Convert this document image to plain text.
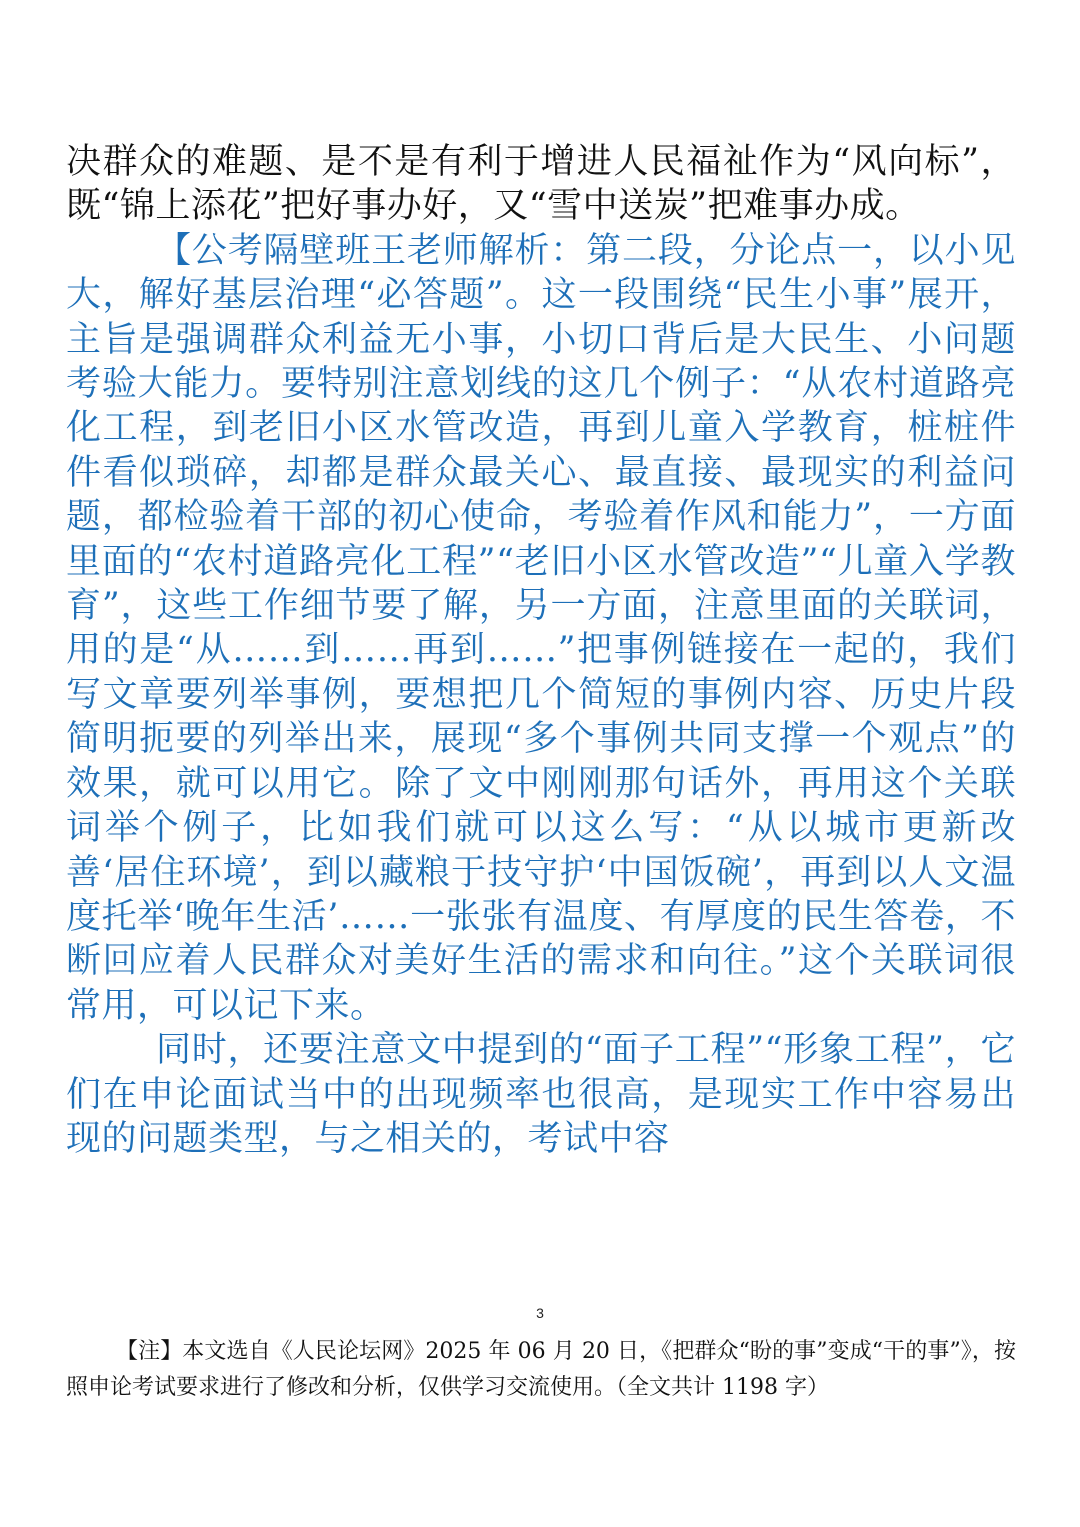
决群众的难题、是不是有利于增进人民福祉作为“风向标”，既“锦上添花”把好事办好，又“雪中送炭”把难事办成。

【公考隔壁班王老师解析：第二段，分论点一，以小见大，解好基层治理“必答题”。这一段围绕“民生小事”展开，主旨是强调群众利益无小事，小切口背后是大民生、小问题考验大能力。要特别注意划线的这几个例子：“从农村道路亮化工程，到老旧小区水管改造，再到儿童入学教育，桩桩件件看似琐碎，却都是群众最关心、最直接、最现实的利益问题，都检验着干部的初心使命，考验着作风和能力”，一方面里面的“农村道路亮化工程”“老旧小区水管改造”“儿童入学教育”，这些工作细节要了解，另一方面，注意里面的关联词，用的是“从……到……再到……”把事例链接在一起的，我们写文章要列举事例，要想把几个简短的事例内容、历史片段简明扼要的列举出来，展现“多个事例共同支撑一个观点”的效果，就可以用它。除了文中刚刚那句话外，再用这个关联词举个例子，比如我们就可以这么写：“从以城市更新改善‘居住环境’，到以藏粮于技守护‘中国饭碗’，再到以人文温度托举‘晚年生活’……一张张有温度、有厚度的民生答卷，不断回应着人民群众对美好生活的需求和向往。”这个关联词很常用，可以记下来。

同时，还要注意文中提到的“面子工程”“形象工程”，它们在申论面试当中的出现频率也很高，是现实工作中容易出现的问题类型，与之相关的，考试中容

3
【注】本文选自《人民论坛网》2025 年 06 月 20 日，《把群众“盼的事”变成“干的事”》，按照申论考试要求进行了修改和分析，仅供学习交流使用。（全文共计 1198 字）
